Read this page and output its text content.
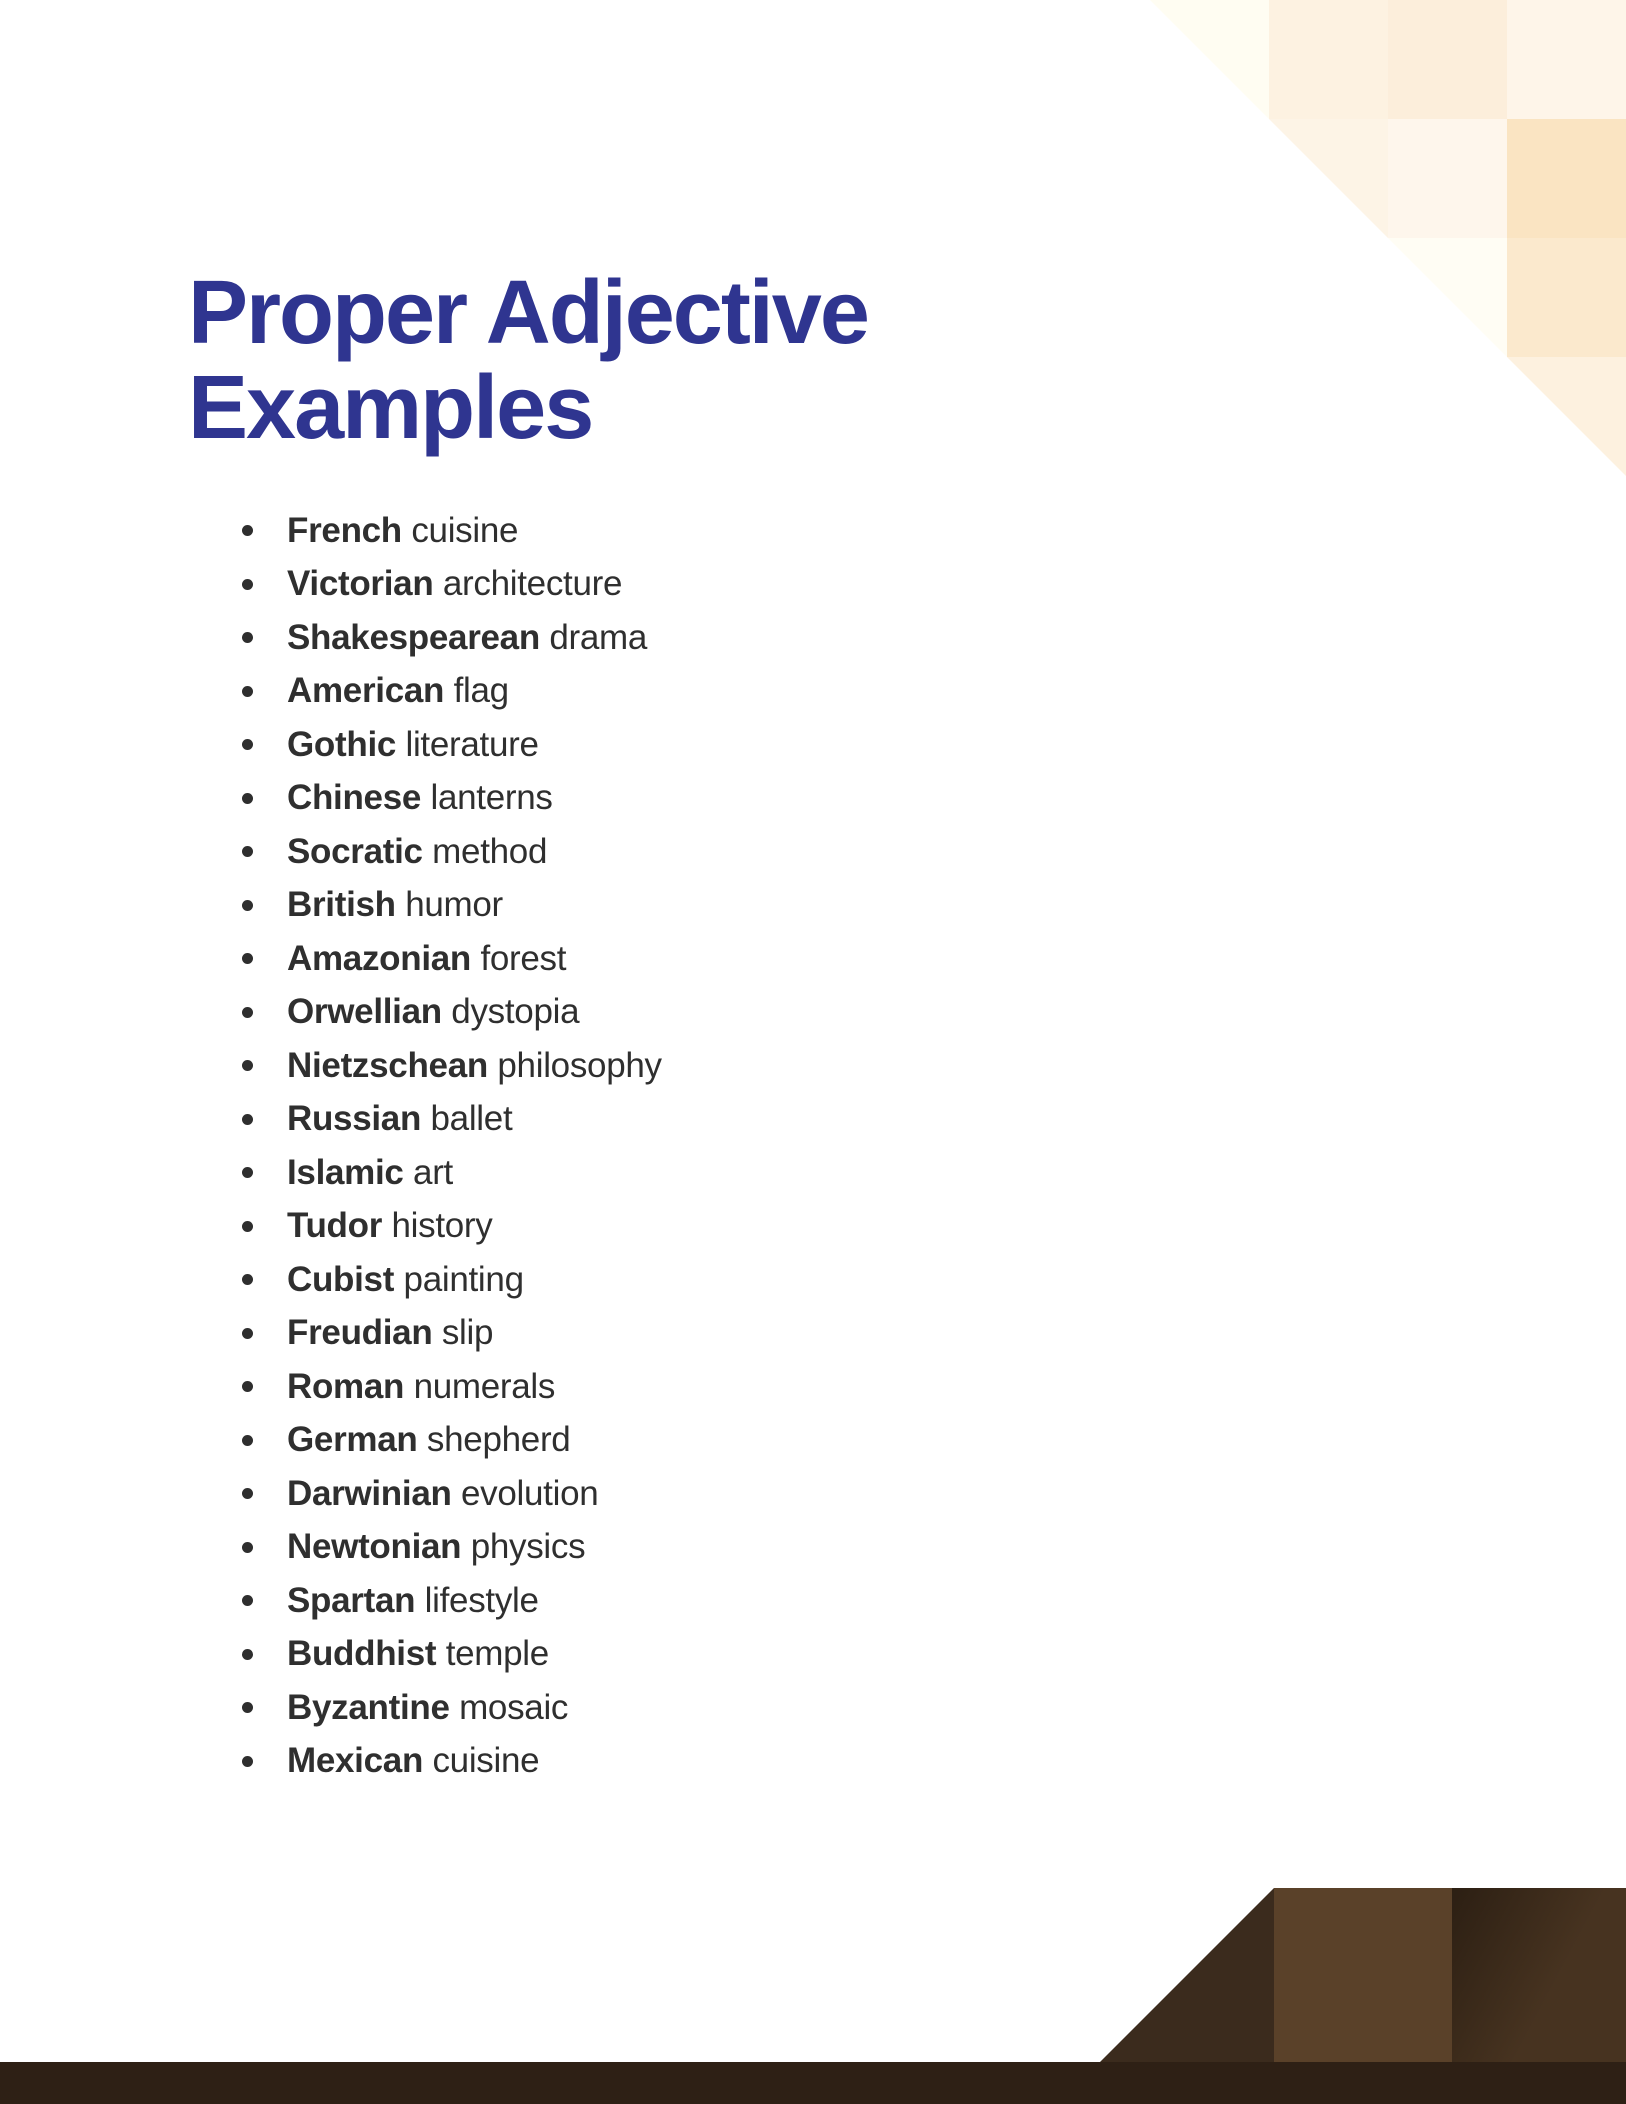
Proper Adjective
Examples
French cuisine
Victorian architecture
Shakespearean drama
American flag
Gothic literature
Chinese lanterns
Socratic method
British humor
Amazonian forest
Orwellian dystopia
Nietzschean philosophy
Russian ballet
Islamic art
Tudor history
Cubist painting
Freudian slip
Roman numerals
German shepherd
Darwinian evolution
Newtonian physics
Spartan lifestyle
Buddhist temple
Byzantine mosaic
Mexican cuisine
